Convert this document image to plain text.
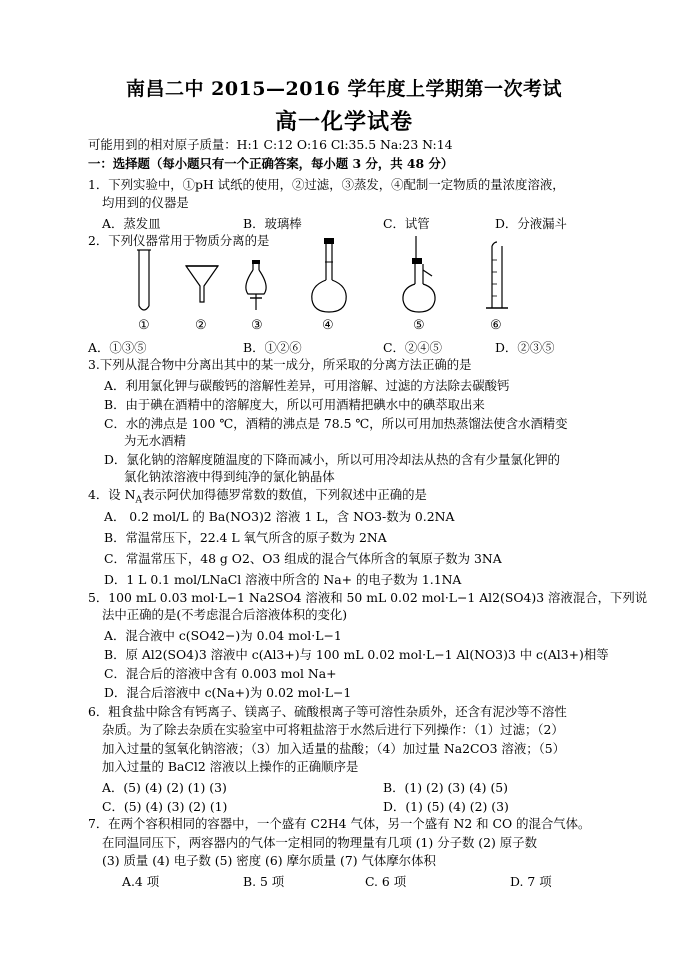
南昌二中 2015—2016 学年度上学期第一次考试
高一化学试卷
可能用到的相对原子质量：H:1 C:12 O:16 Cl:35.5 Na:23 N:14
一：选择题（每小题只有一个正确答案，每小题 3 分，共 48 分）
1．下列实验中，①pH 试纸的使用，②过滤，③蒸发，④配制一定物质的量浓度溶液，
均用到的仪器是
A．蒸发皿	B．玻璃棒	C．试管	D．分液漏斗
2．下列仪器常用于物质分离的是
①	②	③	④	⑤	⑥
A．①③⑤	B．①②⑥	C．②④⑤	D．②③⑤
3.下列从混合物中分离出其中的某一成分，所采取的分离方法正确的是
A．利用氯化钾与碳酸钙的溶解性差异，可用溶解、过滤的方法除去碳酸钙
B．由于碘在酒精中的溶解度大，所以可用酒精把碘水中的碘萃取出来
C．水的沸点是 100 ℃，酒精的沸点是 78.5 ℃，所以可用加热蒸馏法使含水酒精变
为无水酒精
D．氯化钠的溶解度随温度的下降而减小，所以可用冷却法从热的含有少量氯化钾的
氯化钠浓溶液中得到纯净的氯化钠晶体
4．设 $N_A$表示阿伏加得德罗常数的数值，下列叙述中正确的是
A． 0.2 mol/L 的 Ba(NO3)2 溶液 1 L，含 NO3-数为 0.2NA
B．常温常压下，22.4 L 氧气所含的原子数为 2NA
C．常温常压下，48 g O2、O3 组成的混合气体所含的氧原子数为 3NA
D．1 L 0.1 mol/LNaCl 溶液中所含的 Na+ 的电子数为 1.1NA
5．100 mL 0.03 mol·L−1 Na2SO4 溶液和 50 mL 0.02 mol·L−1 Al2(SO4)3 溶液混合，下列说
法中正确的是(不考虑混合后溶液体积的变化)
A．混合液中 c(SO42−)为 0.04 mol·L−1
B．原 Al2(SO4)3 溶液中 c(Al3+)与 100 mL 0.02 mol·L−1 Al(NO3)3 中 c(Al3+)相等
C．混合后的溶液中含有 0.003 mol Na+
D．混合后溶液中 c(Na+)为 0.02 mol·L−1
6．粗食盐中除含有钙离子、镁离子、硫酸根离子等可溶性杂质外，还含有泥沙等不溶性
杂质。为了除去杂质在实验室中可将粗盐溶于水然后进行下列操作：（1）过滤；（2）
加入过量的氢氧化钠溶液；（3）加入适量的盐酸；（4）加过量 Na2CO3 溶液；（5）
加入过量的 BaCl2 溶液以上操作的正确顺序是
A．(5) (4) (2) (1) (3)	B．(1) (2) (3) (4) (5)
C．(5) (4) (3) (2) (1)	D．(1) (5) (4) (2) (3)
7．在两个容积相同的容器中，一个盛有 C2H4 气体，另一个盛有 N2 和 CO 的混合气体。
在同温同压下，两容器内的气体一定相同的物理量有几项 (1) 分子数 (2) 原子数
(3) 质量 (4) 电子数 (5) 密度 (6) 摩尔质量 (7) 气体摩尔体积
A.4 项	B. 5 项	C. 6 项	D. 7 项
